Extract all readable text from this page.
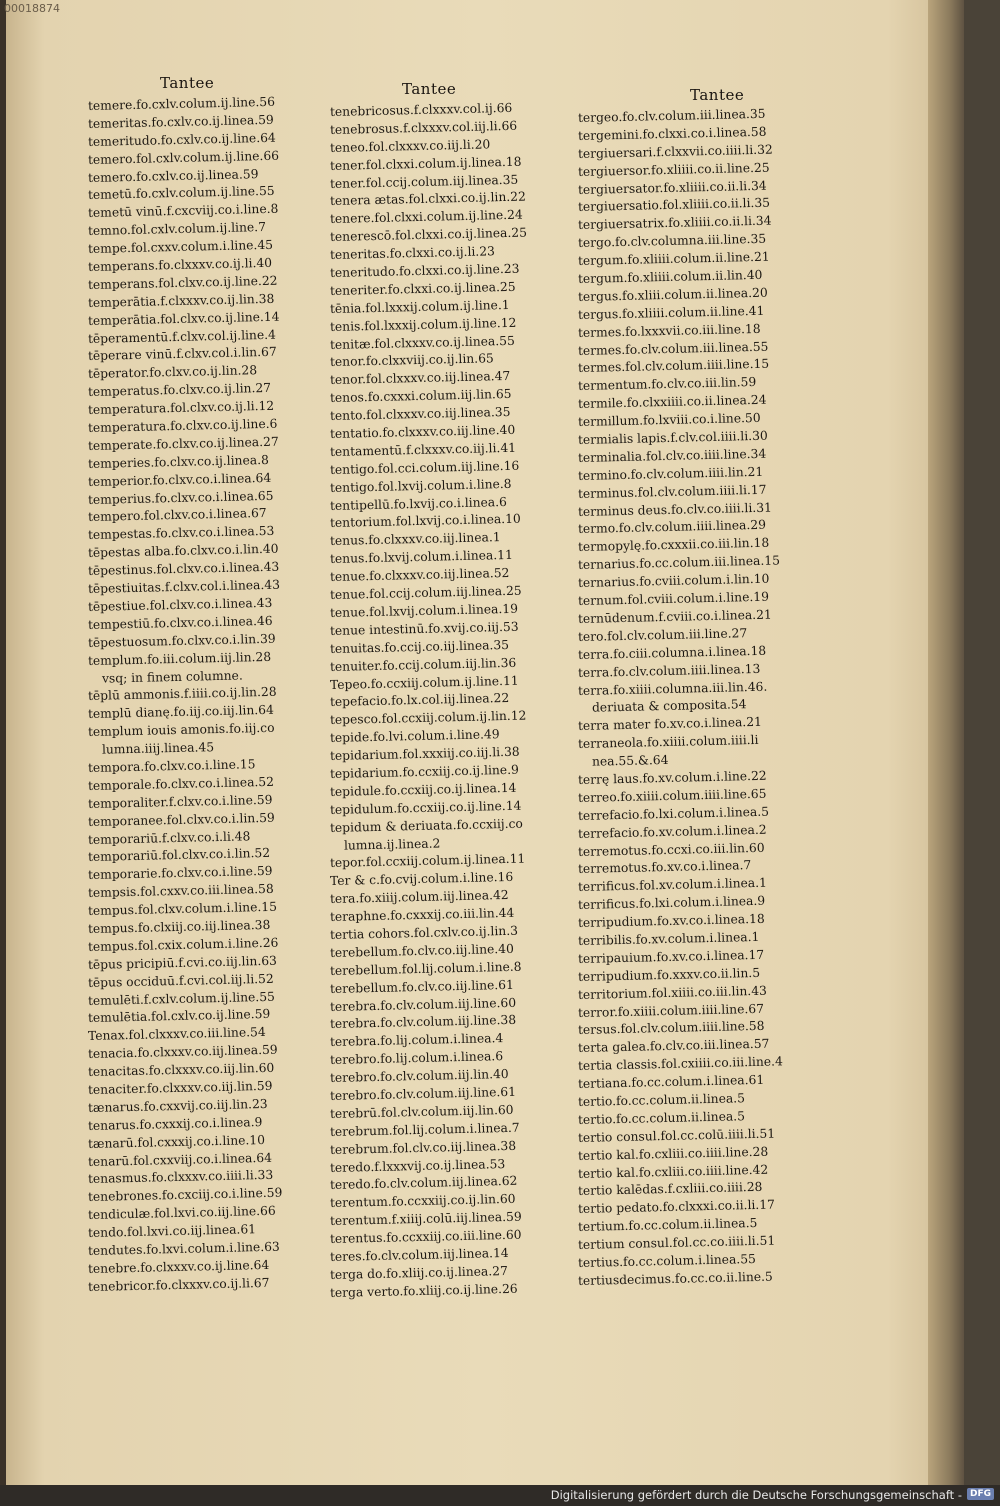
00018874
Tantee
temere.fo.cxlv.colum.ij.line.56
temeritas.fo.cxlv.co.ij.linea.59
temeritudo.fo.cxlv.co.ij.line.64
temero.fol.cxlv.colum.ij.line.66
temero.fo.cxlv.co.ij.linea.59
temetū.fo.cxlv.colum.ij.line.55
temetū vinū.f.cxcviij.co.i.line.8
temno.fol.cxlv.colum.ij.line.7
tempe.fol.cxxv.colum.i.line.45
temperans.fo.clxxxv.co.ij.li.40
temperans.fol.clxv.co.ij.line.22
temperātia.f.clxxxv.co.ij.lin.38
temperātia.fol.clxv.co.ij.line.14
tēperamentū.f.clxv.col.ij.line.4
tēperare vinū.f.clxv.col.i.lin.67
tēperator.fo.clxv.co.ij.lin.28
temperatus.fo.clxv.co.ij.lin.27
temperatura.fol.clxv.co.ij.li.12
temperatura.fo.clxv.co.ij.line.6
temperate.fo.clxv.co.ij.linea.27
temperies.fo.clxv.co.ij.linea.8
temperior.fo.clxv.co.i.linea.64
temperius.fo.clxv.co.i.linea.65
tempero.fol.clxv.co.i.linea.67
tempestas.fo.clxv.co.i.linea.53
tēpestas alba.fo.clxv.co.i.lin.40
tēpestinus.fol.clxv.co.i.linea.43
tēpestiuitas.f.clxv.col.i.linea.43
tēpestiue.fol.clxv.co.i.linea.43
tempestiū.fo.clxv.co.i.linea.46
tēpestuosum.fo.clxv.co.i.lin.39
templum.fo.iii.colum.iij.lin.28
vsq; in finem columne.
tēplū ammonis.f.iiii.co.ij.lin.28
templū dianę.fo.iij.co.iij.lin.64
templum iouis amonis.fo.iij.co
lumna.iiij.linea.45
tempora.fo.clxv.co.i.line.15
temporale.fo.clxv.co.i.linea.52
temporaliter.f.clxv.co.i.line.59
temporanee.fol.clxv.co.i.lin.59
temporariū.f.clxv.co.i.li.48
temporariū.fol.clxv.co.i.lin.52
temporarie.fo.clxv.co.i.line.59
tempsis.fol.cxxv.co.iii.linea.58
tempus.fol.clxv.colum.i.line.15
tempus.fo.clxiij.co.iij.linea.38
tempus.fol.cxix.colum.i.line.26
tēpus pricipiū.f.cvi.co.iij.lin.63
tēpus occiduū.f.cvi.col.iij.li.52
temulēti.f.cxlv.colum.ij.line.55
temulētia.fol.cxlv.co.ij.line.59
Tenax.fol.clxxxv.co.iii.line.54
tenacia.fo.clxxxv.co.iij.linea.59
tenacitas.fo.clxxxv.co.iij.lin.60
tenaciter.fo.clxxxv.co.iij.lin.59
tænarus.fo.cxxvij.co.iij.lin.23
tenarus.fo.cxxxij.co.i.linea.9
tænarū.fol.cxxxij.co.i.line.10
tenarū.fol.cxxviij.co.i.linea.64
tenasmus.fo.clxxxv.co.iiii.li.33
tenebrones.fo.cxciij.co.i.line.59
tendiculæ.fol.lxvi.co.iij.line.66
tendo.fol.lxvi.co.iij.linea.61
tendutes.fo.lxvi.colum.i.line.63
tenebre.fo.clxxxv.co.ij.line.64
tenebricor.fo.clxxxv.co.ij.li.67
Tantee
tenebricosus.f.clxxxv.col.ij.66
tenebrosus.f.clxxxv.col.iij.li.66
teneo.fol.clxxxv.co.iij.li.20
tener.fol.clxxi.colum.ij.linea.18
tener.fol.ccij.colum.iij.linea.35
tenera ætas.fol.clxxi.co.ij.lin.22
tenere.fol.clxxi.colum.ij.line.24
tenerescō.fol.clxxi.co.ij.linea.25
teneritas.fo.clxxi.co.ij.li.23
teneritudo.fo.clxxi.co.ij.line.23
teneriter.fo.clxxi.co.ij.linea.25
tēnia.fol.lxxxij.colum.ij.line.1
tenis.fol.lxxxij.colum.ij.line.12
tenitæ.fol.clxxxv.co.ij.linea.55
tenor.fo.clxxviij.co.ij.lin.65
tenor.fol.clxxxv.co.iij.linea.47
tenos.fo.cxxxi.colum.iij.lin.65
tento.fol.clxxxv.co.iij.linea.35
tentatio.fo.clxxxv.co.iij.line.40
tentamentū.f.clxxxv.co.iij.li.41
tentigo.fol.cci.colum.iij.line.16
tentigo.fol.lxvij.colum.i.line.8
tentipellū.fo.lxvij.co.i.linea.6
tentorium.fol.lxvij.co.i.linea.10
tenus.fo.clxxxv.co.iij.linea.1
tenus.fo.lxvij.colum.i.linea.11
tenue.fo.clxxxv.co.iij.linea.52
tenue.fol.ccij.colum.iij.linea.25
tenue.fol.lxvij.colum.i.linea.19
tenue intestinū.fo.xvij.co.iij.53
tenuitas.fo.ccij.co.iij.linea.35
tenuiter.fo.ccij.colum.iij.lin.36
Tepeo.fo.ccxiij.colum.ij.line.11
tepefacio.fo.lx.col.iij.linea.22
tepesco.fol.ccxiij.colum.ij.lin.12
tepide.fo.lvi.colum.i.line.49
tepidarium.fol.xxxiij.co.iij.li.38
tepidarium.fo.ccxiij.co.ij.line.9
tepidule.fo.ccxiij.co.ij.linea.14
tepidulum.fo.ccxiij.co.ij.line.14
tepidum & deriuata.fo.ccxiij.co
lumna.ij.linea.2
tepor.fol.ccxiij.colum.ij.linea.11
Ter & c.fo.cvij.colum.i.line.16
tera.fo.xiiij.colum.iij.linea.42
teraphne.fo.cxxxij.co.iii.lin.44
tertia cohors.fol.cxlv.co.ij.lin.3
terebellum.fo.clv.co.iij.line.40
terebellum.fol.lij.colum.i.line.8
terebellum.fo.clv.co.iij.line.61
terebra.fo.clv.colum.iij.line.60
terebra.fo.clv.colum.iij.line.38
terebra.fo.lij.colum.i.linea.4
terebro.fo.lij.colum.i.linea.6
terebro.fo.clv.colum.iij.lin.40
terebro.fo.clv.colum.iij.line.61
terebrū.fol.clv.colum.iij.lin.60
terebrum.fol.lij.colum.i.linea.7
terebrum.fol.clv.co.iij.linea.38
teredo.f.lxxxvij.co.ij.linea.53
teredo.fo.clv.colum.iij.linea.62
terentum.fo.ccxxiij.co.ij.lin.60
terentum.f.xiiij.colū.iij.linea.59
terentus.fo.ccxxiij.co.iii.line.60
teres.fo.clv.colum.iij.linea.14
terga do.fo.xliij.co.ij.linea.27
terga verto.fo.xliij.co.ij.line.26
Tantee
tergeo.fo.clv.colum.iii.linea.35
tergemini.fo.clxxi.co.i.linea.58
tergiuersari.f.clxxvii.co.iiii.li.32
tergiuersor.fo.xliiii.co.ii.line.25
tergiuersator.fo.xliiii.co.ii.li.34
tergiuersatio.fol.xliiii.co.ii.li.35
tergiuersatrix.fo.xliiii.co.ii.li.34
tergo.fo.clv.columna.iii.line.35
tergum.fo.xliiii.colum.ii.line.21
tergum.fo.xliiii.colum.ii.lin.40
tergus.fo.xliii.colum.ii.linea.20
tergus.fo.xliiii.colum.ii.line.41
termes.fo.lxxxvii.co.iii.line.18
termes.fo.clv.colum.iii.linea.55
termes.fol.clv.colum.iiii.line.15
termentum.fo.clv.co.iii.lin.59
termile.fo.clxxiiii.co.ii.linea.24
termillum.fo.lxviii.co.i.line.50
termialis lapis.f.clv.col.iiii.li.30
terminalia.fol.clv.co.iiii.line.34
termino.fo.clv.colum.iiii.lin.21
terminus.fol.clv.colum.iiii.li.17
terminus deus.fo.clv.co.iiii.li.31
termo.fo.clv.colum.iiii.linea.29
termopylę.fo.cxxxii.co.iii.lin.18
ternarius.fo.cc.colum.iii.linea.15
ternarius.fo.cviii.colum.i.lin.10
ternum.fol.cviii.colum.i.line.19
ternūdenum.f.cviii.co.i.linea.21
tero.fol.clv.colum.iii.line.27
terra.fo.ciii.columna.i.linea.18
terra.fo.clv.colum.iiii.linea.13
terra.fo.xiiii.columna.iii.lin.46.
deriuata & composita.54
terra mater fo.xv.co.i.linea.21
terraneola.fo.xiiii.colum.iiii.li
nea.55.&.64
terrę laus.fo.xv.colum.i.line.22
terreo.fo.xiiii.colum.iiii.line.65
terrefacio.fo.lxi.colum.i.linea.5
terrefacio.fo.xv.colum.i.linea.2
terremotus.fo.ccxi.co.iii.lin.60
terremotus.fo.xv.co.i.linea.7
terrificus.fol.xv.colum.i.linea.1
terrificus.fo.lxi.colum.i.linea.9
terripudium.fo.xv.co.i.linea.18
terribilis.fo.xv.colum.i.linea.1
terripauium.fo.xv.co.i.linea.17
terripudium.fo.xxxv.co.ii.lin.5
territorium.fol.xiiii.co.iii.lin.43
terror.fo.xiiii.colum.iiii.line.67
tersus.fol.clv.colum.iiii.line.58
terta galea.fo.clv.co.iii.linea.57
tertia classis.fol.cxiiii.co.iii.line.4
tertiana.fo.cc.colum.i.linea.61
tertio.fo.cc.colum.ii.linea.5
tertio.fo.cc.colum.ii.linea.5
tertio consul.fol.cc.colū.iiii.li.51
tertio kal.fo.cxliii.co.iiii.line.28
tertio kal.fo.cxliii.co.iiii.line.42
tertio kalēdas.f.cxliii.co.iiii.28
tertio pedato.fo.clxxxi.co.ii.li.17
tertium.fo.cc.colum.ii.linea.5
tertium consul.fol.cc.co.iiii.li.51
tertius.fo.cc.colum.i.linea.55
tertiusdecimus.fo.cc.co.ii.line.5
Digitalisierung gefördert durch die Deutsche Forschungsgemeinschaft - DFG
